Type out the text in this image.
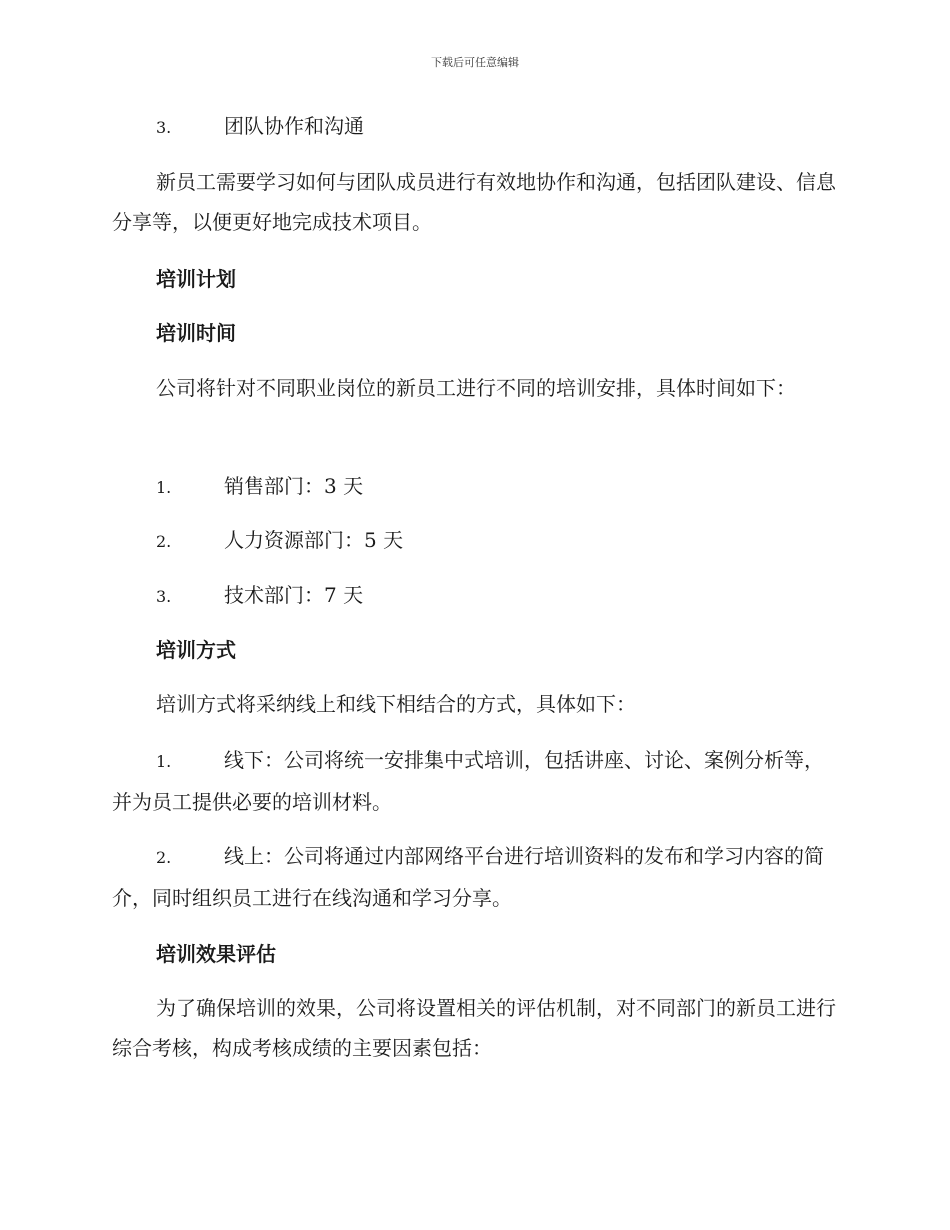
下载后可任意编辑
3.	团队协作和沟通
新员工需要学习如何与团队成员进行有效地协作和沟通，包括团队建设、信息分享等，以便更好地完成技术项目。
培训计划
培训时间
公司将针对不同职业岗位的新员工进行不同的培训安排，具体时间如下：
1.	销售部门：3 天
2.	人力资源部门：5 天
3.	技术部门：7 天
培训方式
培训方式将采纳线上和线下相结合的方式，具体如下：
1.	线下：公司将统一安排集中式培训，包括讲座、讨论、案例分析等，并为员工提供必要的培训材料。
2.	线上：公司将通过内部网络平台进行培训资料的发布和学习内容的简介，同时组织员工进行在线沟通和学习分享。
培训效果评估
为了确保培训的效果，公司将设置相关的评估机制，对不同部门的新员工进行综合考核，构成考核成绩的主要因素包括：
